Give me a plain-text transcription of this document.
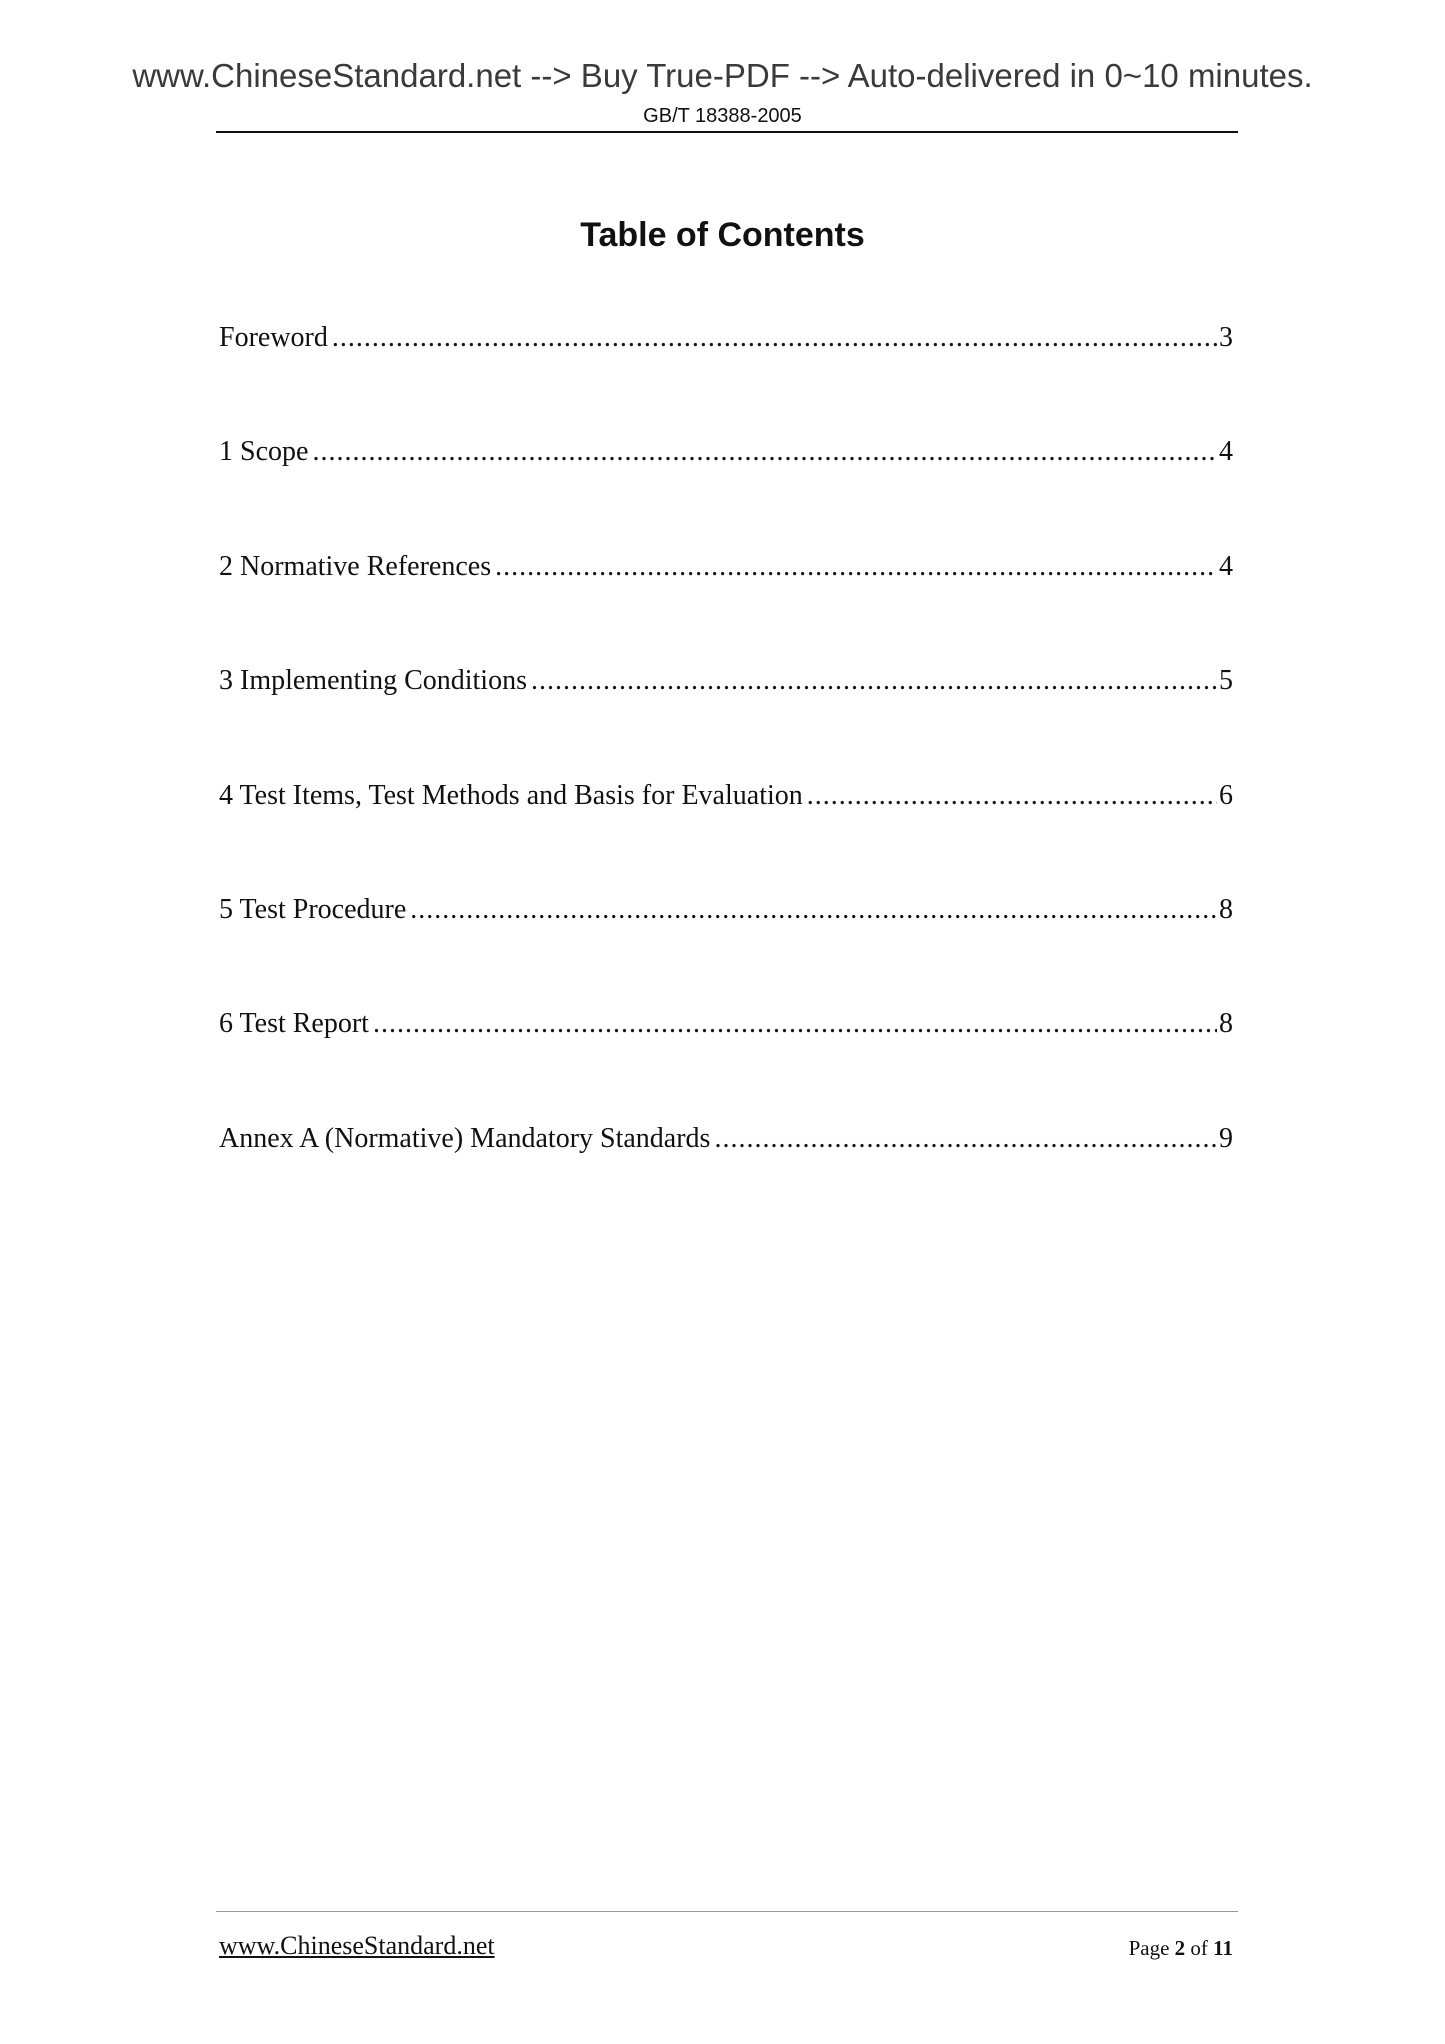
www.ChineseStandard.net --> Buy True-PDF --> Auto-delivered in 0~10 minutes.
GB/T 18388-2005
Table of Contents
Foreword .....	3
1 Scope .....	4
2 Normative References .....	4
3 Implementing Conditions .....	5
4 Test Items, Test Methods and Basis for Evaluation .....	6
5 Test Procedure .....	8
6 Test Report .....	8
Annex A (Normative) Mandatory Standards .....	9
www.ChineseStandard.net	Page 2 of 11
